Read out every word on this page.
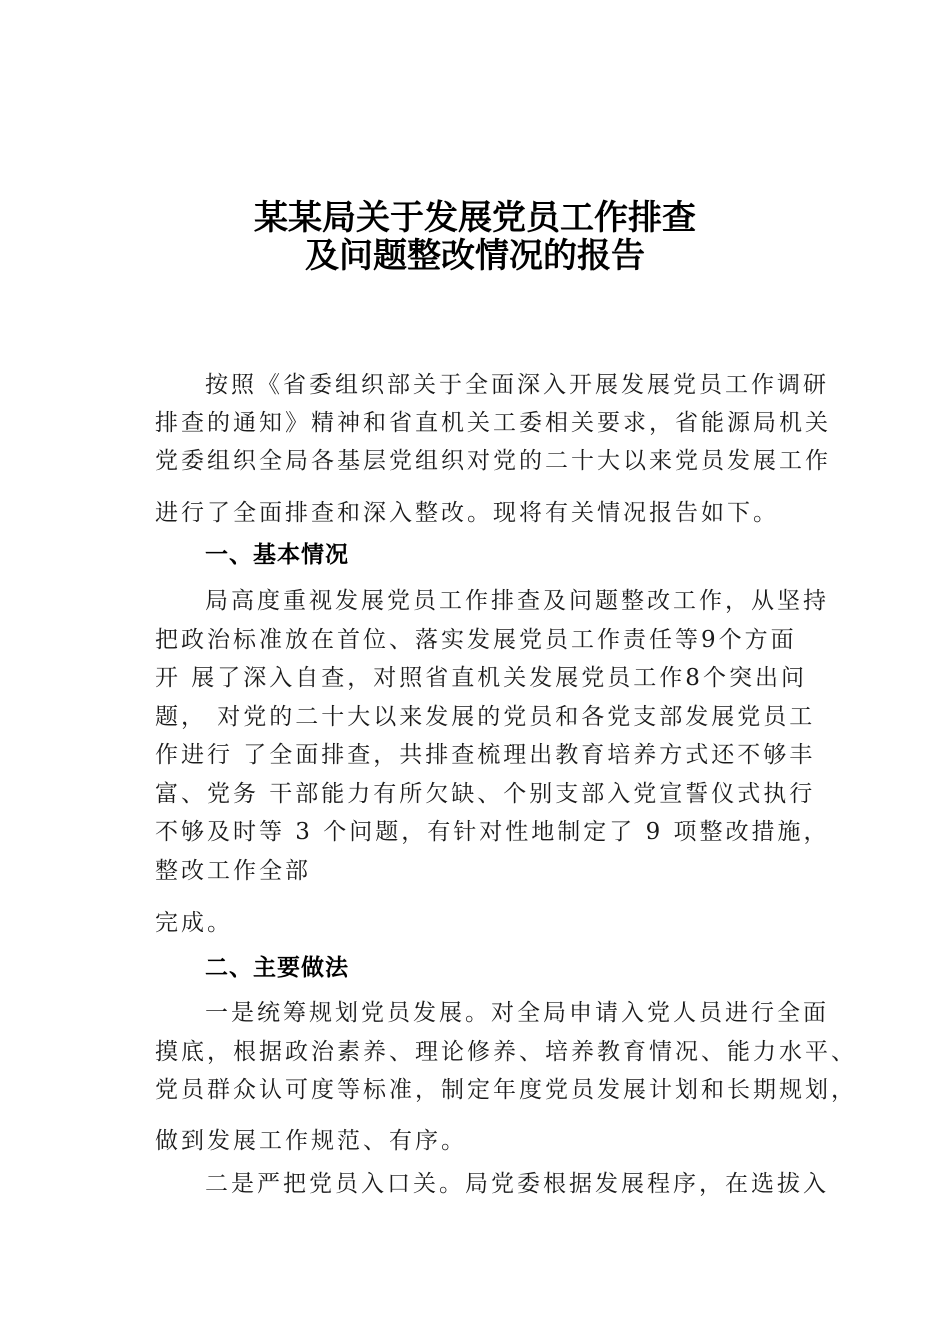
某某局关于发展党员工作排查
及问题整改情况的报告
按照《省委组织部关于全面深入开展发展党员工作调研
排查的通知》精神和省直机关工委相关要求，省能源局机关
党委组织全局各基层党组织对党的二十大以来党员发展工作
进行了全面排查和深入整改。现将有关情况报告如下。
一、基本情况
局高度重视发展党员工作排查及问题整改工作，从坚持
把政治标准放在首位、落实发展党员工作责任等9个方面
开 展了深入自查，对照省直机关发展党员工作8个突出问
题， 对党的二十大以来发展的党员和各党支部发展党员工
作进行 了全面排查，共排查梳理出教育培养方式还不够丰
富、党务 干部能力有所欠缺、个别支部入党宣誓仪式执行
不够及时等 3 个问题，有针对性地制定了 9 项整改措施，
整改工作全部
完成。
二、主要做法
一是统筹规划党员发展。对全局申请入党人员进行全面
摸底，根据政治素养、理论修养、培养教育情况、能力水平、
党员群众认可度等标准，制定年度党员发展计划和长期规划，
做到发展工作规范、有序。
二是严把党员入口关。局党委根据发展程序，在选拔入
